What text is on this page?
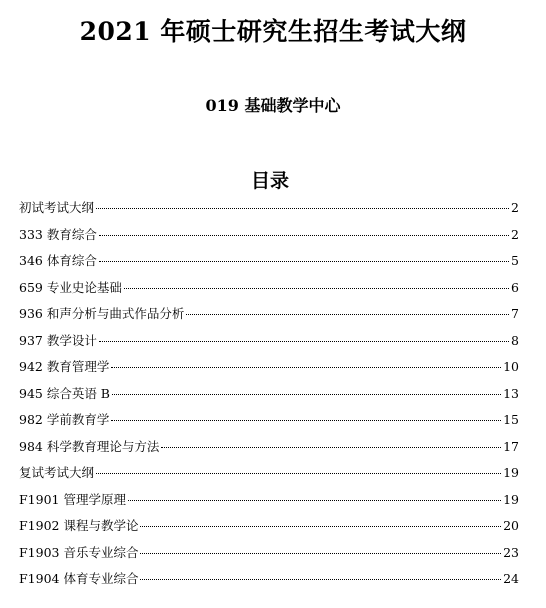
2021 年硕士研究生招生考试大纲
019 基础教学中心
目录
初试考试大纲	2
333 教育综合	2
346 体育综合	5
659 专业史论基础	6
936 和声分析与曲式作品分析	7
937 教学设计	8
942 教育管理学	10
945 综合英语 B	13
982 学前教育学	15
984 科学教育理论与方法	17
复试考试大纲	19
F1901 管理学原理	19
F1902 课程与教学论	20
F1903 音乐专业综合	23
F1904 体育专业综合	24
